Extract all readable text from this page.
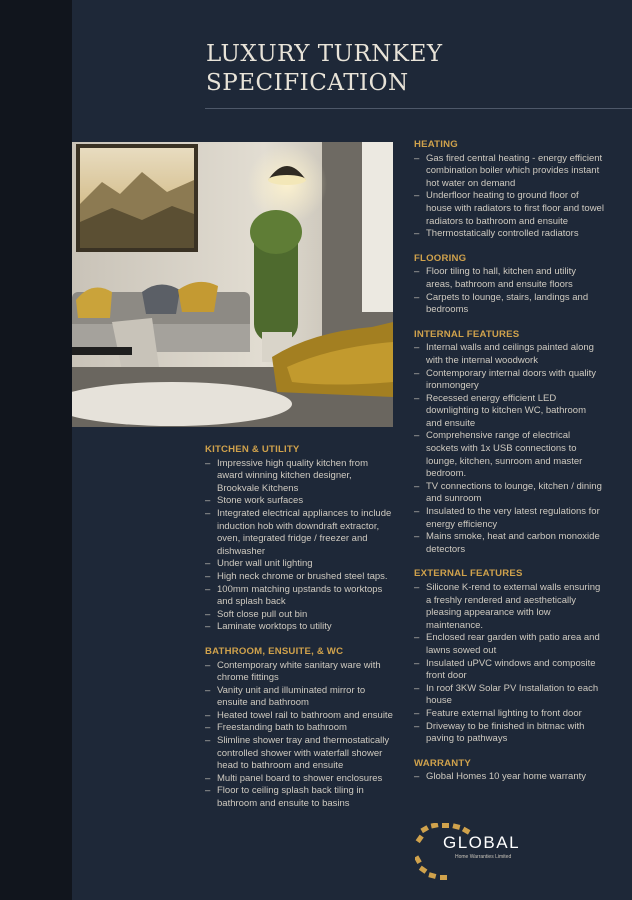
LUXURY TURNKEY
SPECIFICATION
KITCHEN & UTILITY
– Impressive high quality kitchen from award winning kitchen designer, Brookvale Kitchens
– Stone work surfaces
– Integrated electrical appliances to include induction hob with downdraft extractor, oven, integrated fridge / freezer and dishwasher
– Under wall unit lighting
– High neck chrome or brushed steel taps.
– 100mm matching upstands to worktops and splash back
– Soft close pull out bin
– Laminate worktops to utility
BATHROOM, ENSUITE, & WC
– Contemporary white sanitary ware with chrome fittings
– Vanity unit and illuminated mirror to ensuite and bathroom
– Heated towel rail to bathroom and ensuite
– Freestanding bath to bathroom
– Slimline shower tray and thermostatically controlled shower with waterfall shower head to bathroom and ensuite
– Multi panel board to shower enclosures
– Floor to ceiling splash back tiling in bathroom and ensuite to basins
HEATING
– Gas fired central heating - energy efficient combination boiler which provides instant hot water on demand
– Underfloor heating to ground floor of house with radiators to first floor and towel radiators to bathroom and ensuite
– Thermostatically controlled radiators
FLOORING
– Floor tiling to hall, kitchen and utility areas, bathroom and ensuite floors
– Carpets to lounge, stairs, landings and bedrooms
INTERNAL FEATURES
– Internal walls and ceilings painted along with the internal woodwork
– Contemporary internal doors with quality ironmongery
– Recessed energy efficient LED downlighting to kitchen WC, bathroom and ensuite
– Comprehensive range of electrical sockets with 1x USB connections to lounge, kitchen, sunroom and master bedroom.
– TV connections to lounge, kitchen / dining and sunroom
– Insulated to the very latest regulations for energy efficiency
– Mains smoke, heat and carbon monoxide detectors
EXTERNAL FEATURES
– Silicone K-rend to external walls ensuring a freshly rendered and aesthetically pleasing appearance with low maintenance.
– Enclosed rear garden with patio area and lawns sowed out
– Insulated uPVC windows and composite front door
– In roof 3KW Solar PV Installation to each house
– Feature external lighting to front door
– Driveway to be finished in bitmac with paving to pathways
WARRANTY
– Global Homes 10 year home warranty
GLOBAL
Home Warranties Limited
